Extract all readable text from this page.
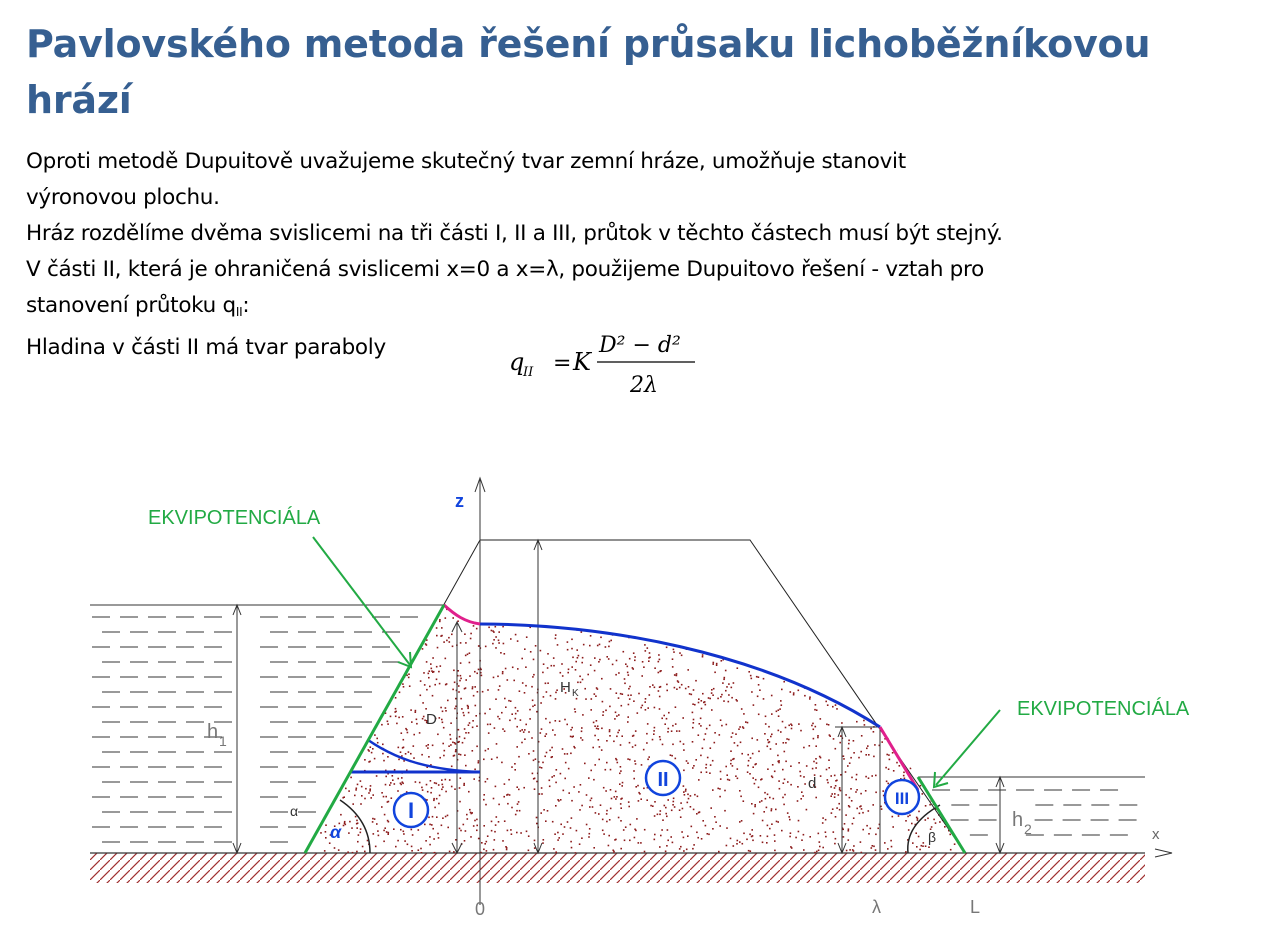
Pavlovského metoda řešení průsaku lichoběžníkovou hrází

Oproti metodě Dupuitově uvažujeme skutečný tvar zemní hráze, umožňuje stanovit

výronovou plochu.

Hráz rozdělíme dvěma svislicemi na tři části I, II a III, průtok v těchto částech musí být stejný.

V části II, která je ohraničená svislicemi x=0 a x=λ, použijeme Dupuitovo řešení - vztah pro

stanovení průtoku $q_{II}$:

Hladina v části II má tvar paraboly

q
II = K
D² − d²
2λ
EKVIPOTENCIÁLA
EKVIPOTENCIÁLA
z
x
h 1
h 2
D
H K
d
α
α	β
0	λ	L
I
II
III
